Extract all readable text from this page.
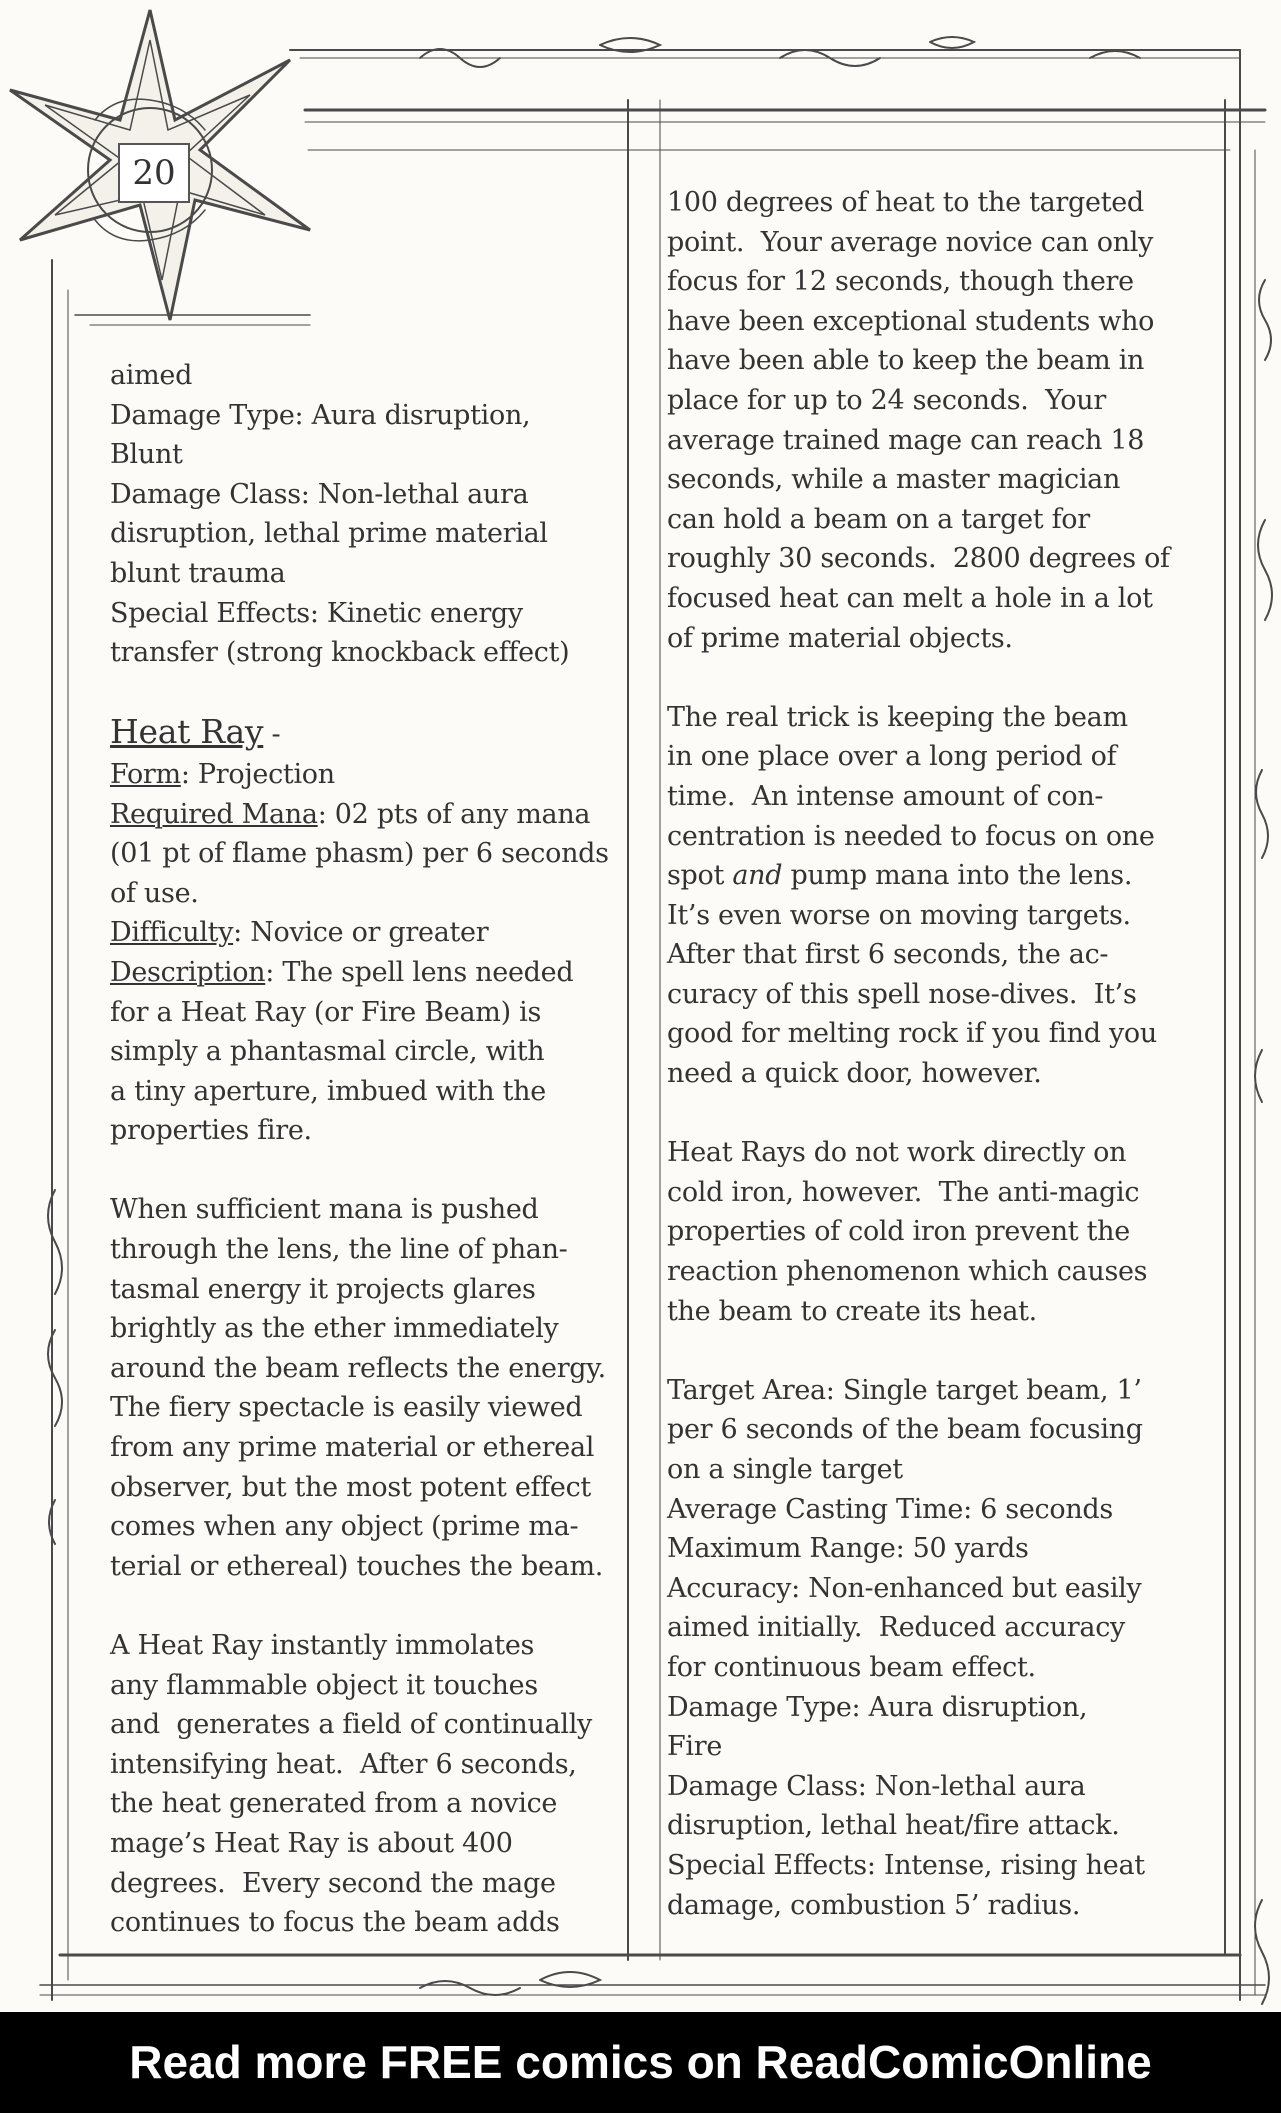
20
aimed
Damage Type: Aura disruption,
Blunt
Damage Class: Non-lethal aura
disruption, lethal prime material
blunt trauma
Special Effects: Kinetic energy
transfer (strong knockback effect)
Heat Ray -
Form: Projection
Required Mana: 02 pts of any mana
(01 pt of flame phasm) per 6 seconds
of use.
Difficulty: Novice or greater
Description: The spell lens needed
for a Heat Ray (or Fire Beam) is
simply a phantasmal circle, with
a tiny aperture, imbued with the
properties fire.
When sufficient mana is pushed
through the lens, the line of phan-
tasmal energy it projects glares
brightly as the ether immediately
around the beam reflects the energy.
The fiery spectacle is easily viewed
from any prime material or ethereal
observer, but the most potent effect
comes when any object (prime ma-
terial or ethereal) touches the beam.
A Heat Ray instantly immolates
any flammable object it touches
and  generates a field of continually
intensifying heat.  After 6 seconds,
the heat generated from a novice
mage’s Heat Ray is about 400
degrees.  Every second the mage
continues to focus the beam adds
100 degrees of heat to the targeted
point.  Your average novice can only
focus for 12 seconds, though there
have been exceptional students who
have been able to keep the beam in
place for up to 24 seconds.  Your
average trained mage can reach 18
seconds, while a master magician
can hold a beam on a target for
roughly 30 seconds.  2800 degrees of
focused heat can melt a hole in a lot
of prime material objects.
The real trick is keeping the beam
in one place over a long period of
time.  An intense amount of con-
centration is needed to focus on one
spot and pump mana into the lens.
It’s even worse on moving targets.
After that first 6 seconds, the ac-
curacy of this spell nose-dives.  It’s
good for melting rock if you find you
need a quick door, however.
Heat Rays do not work directly on
cold iron, however.  The anti-magic
properties of cold iron prevent the
reaction phenomenon which causes
the beam to create its heat.
Target Area: Single target beam, 1’
per 6 seconds of the beam focusing
on a single target
Average Casting Time: 6 seconds
Maximum Range: 50 yards
Accuracy: Non-enhanced but easily
aimed initially.  Reduced accuracy
for continuous beam effect.
Damage Type: Aura disruption,
Fire
Damage Class: Non-lethal aura
disruption, lethal heat/fire attack.
Special Effects: Intense, rising heat
damage, combustion 5’ radius.
Read more FREE comics on ReadComicOnline
